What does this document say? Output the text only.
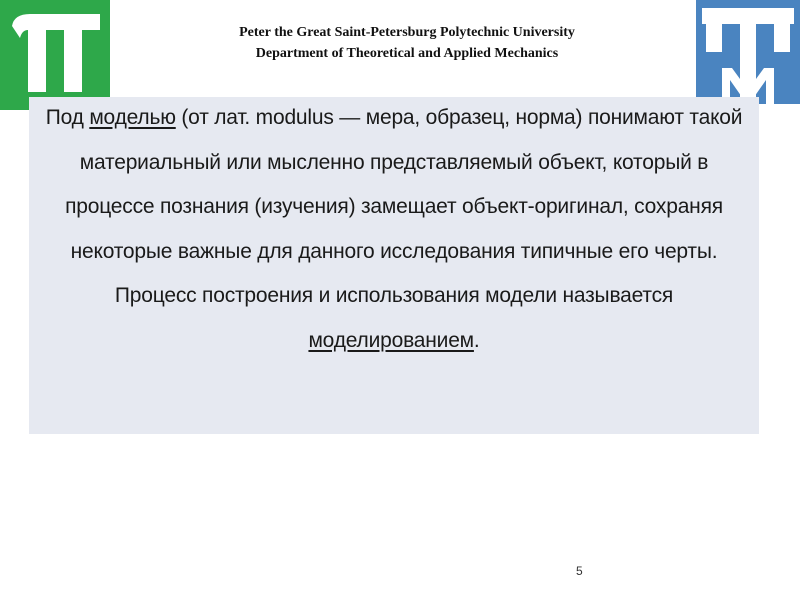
Peter the Great Saint-Petersburg Polytechnic University
Department of Theoretical and Applied Mechanics
Под моделью (от лат. modulus — мера, образец, норма) понимают такой материальный или мысленно представляемый объект, который в процессе познания (изучения) замещает объект-оригинал, сохраняя некоторые важные для данного исследования типичные его черты. Процесс построения и использования модели называется моделированием.
5
